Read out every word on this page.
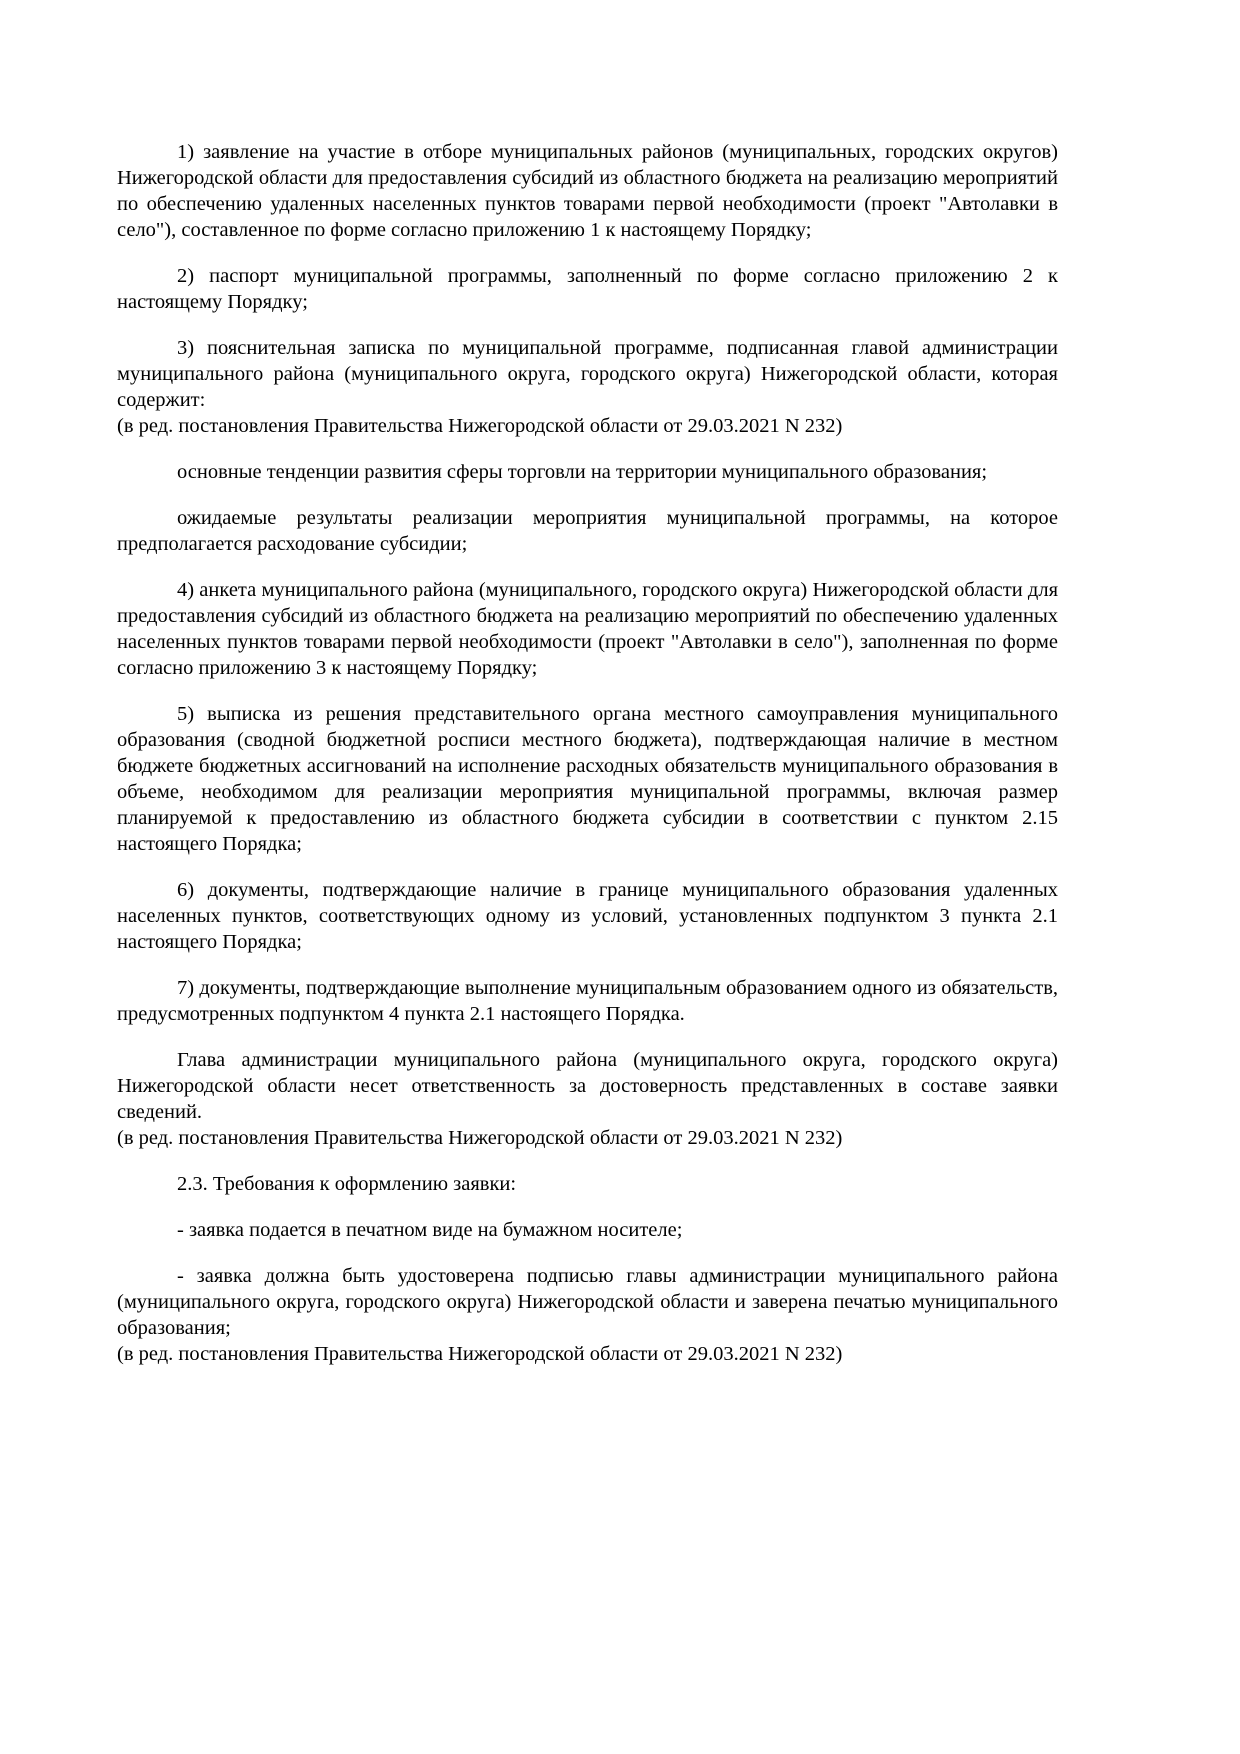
1) заявление на участие в отборе муниципальных районов (муниципальных, городских округов) Нижегородской области для предоставления субсидий из областного бюджета на реализацию мероприятий по обеспечению удаленных населенных пунктов товарами первой необходимости (проект "Автолавки в село"), составленное по форме согласно приложению 1 к настоящему Порядку;

2) паспорт муниципальной программы, заполненный по форме согласно приложению 2 к настоящему Порядку;

3) пояснительная записка по муниципальной программе, подписанная главой администрации муниципального района (муниципального округа, городского округа) Нижегородской области, которая содержит:
(в ред. постановления Правительства Нижегородской области от 29.03.2021 N 232)

основные тенденции развития сферы торговли на территории муниципального образования;

ожидаемые результаты реализации мероприятия муниципальной программы, на которое предполагается расходование субсидии;

4) анкета муниципального района (муниципального, городского округа) Нижегородской области для предоставления субсидий из областного бюджета на реализацию мероприятий по обеспечению удаленных населенных пунктов товарами первой необходимости (проект "Автолавки в село"), заполненная по форме согласно приложению 3 к настоящему Порядку;

5) выписка из решения представительного органа местного самоуправления муниципального образования (сводной бюджетной росписи местного бюджета), подтверждающая наличие в местном бюджете бюджетных ассигнований на исполнение расходных обязательств муниципального образования в объеме, необходимом для реализации мероприятия муниципальной программы, включая размер планируемой к предоставлению из областного бюджета субсидии в соответствии с пунктом 2.15 настоящего Порядка;

6) документы, подтверждающие наличие в границе муниципального образования удаленных населенных пунктов, соответствующих одному из условий, установленных подпунктом 3 пункта 2.1 настоящего Порядка;

7) документы, подтверждающие выполнение муниципальным образованием одного из обязательств, предусмотренных подпунктом 4 пункта 2.1 настоящего Порядка.

Глава администрации муниципального района (муниципального округа, городского округа) Нижегородской области несет ответственность за достоверность представленных в составе заявки сведений.
(в ред. постановления Правительства Нижегородской области от 29.03.2021 N 232)

2.3. Требования к оформлению заявки:

- заявка подается в печатном виде на бумажном носителе;

- заявка должна быть удостоверена подписью главы администрации муниципального района (муниципального округа, городского округа) Нижегородской области и заверена печатью муниципального образования;
(в ред. постановления Правительства Нижегородской области от 29.03.2021 N 232)
